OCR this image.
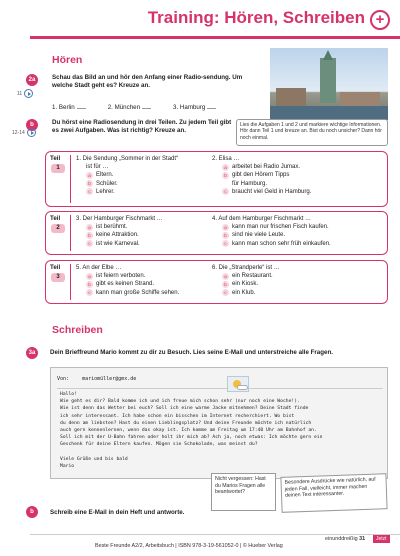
Training: Hören, Schreiben +
Hören
2a
11
Schau das Bild an und hör den Anfang einer Radio-sendung. Um welche Stadt geht es? Kreuze an.
1. Berlin	2. München	3. Hamburg
b
12-14
Du hörst eine Radiosendung in drei Teilen. Zu jedem Teil gibt es zwei Aufgaben. Was ist richtig? Kreuze an.
Lies die Aufgaben 1 und 2 und markiere wichtige Informationen. Hör dann Teil 1 und kreuze an. Bist du noch unsicher? Dann hör noch einmal.
Teil
1
1. Die Sendung „Sommer in der Stadt“
ist für …
a Eltern.
b Schüler.
c Lehrer.
2. Elisa …
a arbeitet bei Radio Jumax.
b gibt den Hörern Tipps
für Hamburg.
c braucht viel Geld in Hamburg.
Teil
2
3. Der Hamburger Fischmarkt …
a ist berühmt.
b keine Attraktion.
c ist wie Karneval.
4. Auf dem Hamburger Fischmarkt …
a kann man nur frischen Fisch kaufen.
b sind nie viele Leute.
c kann man schon sehr früh einkaufen.
Teil
3
5. An der Elbe …
a ist feiern verboten.
b gibt es keinen Strand.
c kann man große Schiffe sehen.
6. Die „Strandperle“ ist …
a ein Restaurant.
b ein Kiosk.
c ein Klub.
Schreiben
3a	Dein Brieffreund Mario kommt zu dir zu Besuch. Lies seine E-Mail und unterstreiche alle Fragen.
Von:	mariomüller@gmx.de
Hallo!
Wie geht es dir? Bald komme ich und ich freue mich schon sehr (nur noch eine Woche!).
Wie ist denn das Wetter bei euch? Soll ich eine warme Jacke mitnehmen? Deine Stadt finde
ich sehr interessant. Ich habe schon ein bisschen im Internet recherchiert. Wo bist
du denn am liebsten? Hast du einen Lieblingsplatz? Und deine Freunde möchte ich natürlich
auch gern kennenlernen, wenn das okay ist. Ich komme am Freitag um 17:40 Uhr am Bahnhof an.
Soll ich mit der U-Bahn fahren oder holt ihr mich ab? Ach ja, noch etwas: Ich möchte gern ein
Geschenk für deine Eltern kaufen. Mögen sie Schokolade, was meinst du?
Viele Grüße und bis bald
Mario
Nicht vergessen: Hast du Marios Fragen alle beantwortet?
Besondere Ausdrücke wie natürlich, auf jeden Fall, vielleicht, immer machen deinen Text interessanter.
b	Schreib eine E-Mail in dein Heft und antworte.
einunddreißig 31	Jetzt
Beste Freunde A2/2, Arbeitsbuch | ISBN 978-3-19-561052-0 | © Hueber Verlag
